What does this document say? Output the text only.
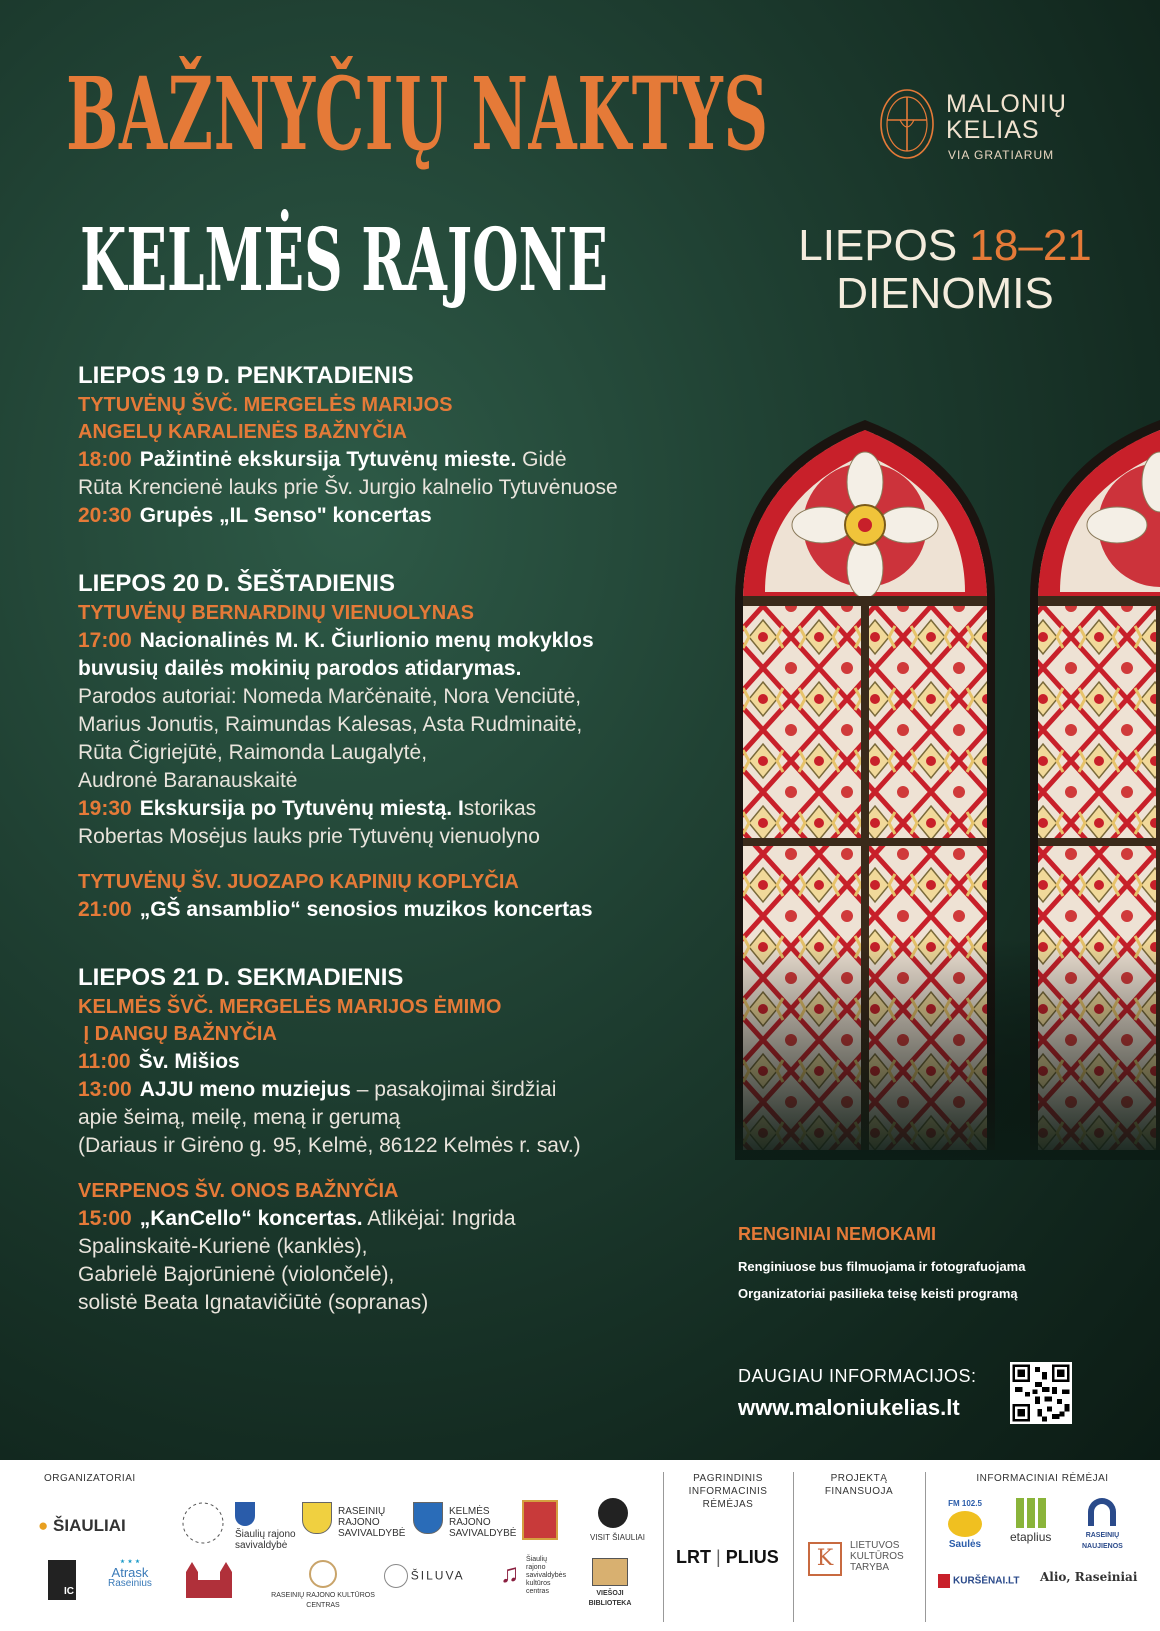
BAŽNYČIŲ NAKTYS
KELMĖS RAJONE
MALONIŲ
KELIAS
VIA GRATIARUM
LIEPOS 18–21
DIENOMIS
LIEPOS 19 D. PENKTADIENIS
TYTUVĖNŲ ŠVČ. MERGELĖS MARIJOS
ANGELŲ KARALIENĖS BAŽNYČIA
18:00 Pažintinė ekskursija Tytuvėnų mieste. Gidė
Rūta Krencienė lauks prie Šv. Jurgio kalnelio Tytuvėnuose
20:30 Grupės „IL Senso" koncertas
LIEPOS 20 D. ŠEŠTADIENIS
TYTUVĖNŲ BERNARDINŲ VIENUOLYNAS
17:00 Nacionalinės M. K. Čiurlionio menų mokyklos
buvusių dailės mokinių parodos atidarymas.
Parodos autoriai: Nomeda Marčėnaitė, Nora Venciūtė,
Marius Jonutis, Raimundas Kalesas, Asta Rudminaitė,
Rūta Čigriejūtė, Raimonda Laugalytė,
Audronė Baranauskaitė
19:30 Ekskursija po Tytuvėnų miestą. Istorikas
Robertas Mosėjus lauks prie Tytuvėnų vienuolyno
TYTUVĖNŲ ŠV. JUOZAPO KAPINIŲ KOPLYČIA
21:00 „GŠ ansamblio“ senosios muzikos koncertas
LIEPOS 21 D. SEKMADIENIS
KELMĖS ŠVČ. MERGELĖS MARIJOS ĖMIMO
Į DANGŲ BAŽNYČIA
11:00 Šv. Mišios
13:00 AJJU meno muziejus – pasakojimai širdžiai
apie šeimą, meilę, meną ir gerumą
(Dariaus ir Girėno g. 95, Kelmė, 86122 Kelmės r. sav.)
VERPENOS ŠV. ONOS BAŽNYČIA
15:00 „KanCello“ koncertas. Atlikėjai: Ingrida
Spalinskaitė-Kurienė (kanklės),
Gabrielė Bajorūnienė (violončelė),
solistė Beata Ignatavičiūtė (sopranas)
RENGINIAI NEMOKAMI
Renginiuose bus filmuojama ir fotografuojama
Organizatoriai pasilieka teisę keisti programą
DAUGIAU INFORMACIJOS:
www.maloniukelias.lt
ORGANIZATORIAI	PAGRINDINIS
INFORMACINIS
RĖMĖJAS
PROJEKTĄ
FINANSUOJA
INFORMACINIAI RĖMĖJAI
● ŠIAULIAI	Šiaulių rajono
savivaldybė
RASEINIŲ
RAJONO
SAVIVALDYBĖ
KELMĖS
RAJONO
SAVIVALDYBĖ	VISIT ŠIAULIAI
IC
⋆⋆⋆
Atrask
Raseinius
RASEINIŲ RAJONO KULTŪROS CENTRAS
ŠILUVA ♫ Šiaulių
rajono
savivaldybės
kultūros
centras	VIEŠOJI BIBLIOTEKA
LRT | PLIUS	K
LIETUVOS
KULTŪROS
TARYBA
FM 102.5
Saulės
etaplius	RASEINIŲ
NAUJIENOS
KURŠĖNAI.LT Alio, Raseiniai
